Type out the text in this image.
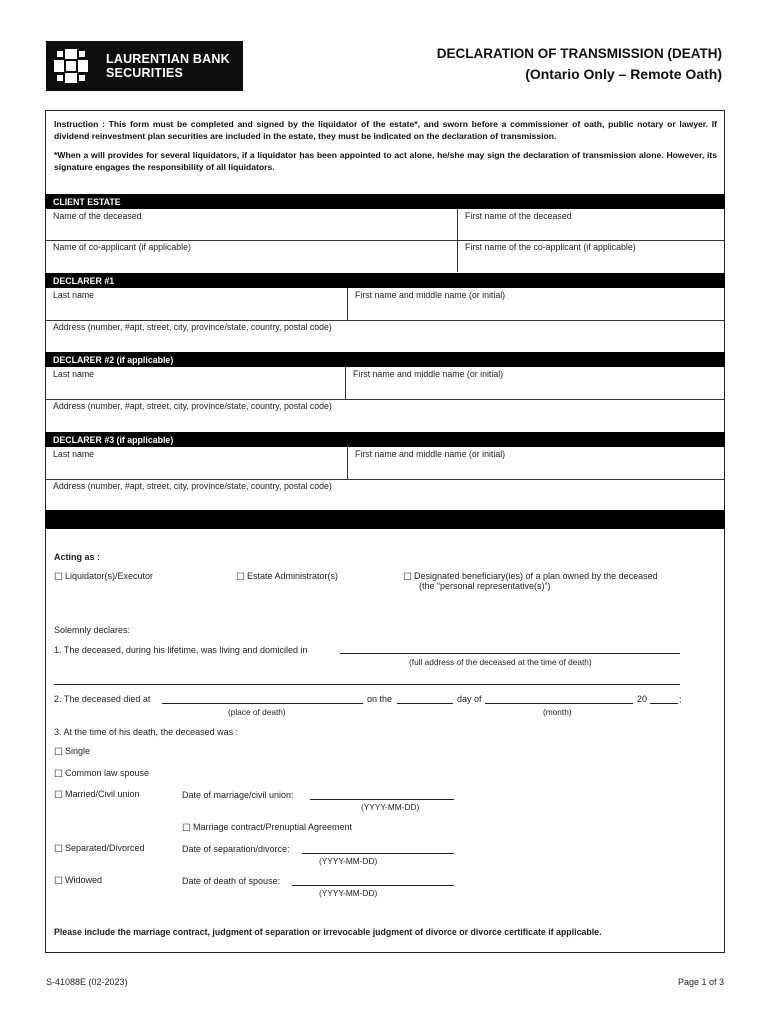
LAURENTIAN BANK
SECURITIES
DECLARATION OF TRANSMISSION (DEATH)
(Ontario Only – Remote Oath)

Instruction : This form must be completed and signed by the liquidator of the estate*, and sworn before a commissioner of oath, public notary or lawyer. If dividend reinvestment plan securities are included in the estate, they must be indicated on the declaration of transmission.

*When a will provides for several liquidators, if a liquidator has been appointed to act alone, he/she may sign the declaration of transmission alone. However, its signature engages the responsibility of all liquidators.

CLIENT ESTATE
Name of the deceased	First name of the deceased
Name of co-applicant (if applicable)	First name of the co-applicant (if applicable)
DECLARER #1
Last name	First name and middle name (or initial)
Address (number, #apt, street, city, province/state, country, postal code)
DECLARER #2 (if applicable)
Last name	First name and middle name (or initial)
Address (number, #apt, street, city, province/state, country, postal code)
DECLARER #3 (if applicable)
Last name	First name and middle name (or initial)
Address (number, #apt, street, city, province/state, country, postal code)
Acting as :
☐ Liquidator(s)/Executor	☐ Estate Administrator(s)	☐ Designated beneficiary(ies) of a plan owned by the deceased
(the “personal representative(s)”)
Solemnly declares:
1. The deceased, during his lifetime, was living and domiciled in
(full address of the deceased at the time of death)
2. The deceased died at	on the	day of	20	;
(place of death)	(month)
3. At the time of his death, the deceased was :
☐ Single
☐ Common law spouse
☐ Married/Civil union	Date of marriage/civil union:
(YYYY-MM-DD)
☐ Marriage contract/Prenuptial Agreement
☐ Separated/Divorced	Date of separation/divorce:
(YYYY-MM-DD)
☐ Widowed	Date of death of spouse:
(YYYY-MM-DD)
Please include the marriage contract, judgment of separation or irrevocable judgment of divorce or divorce certificate if applicable.
S-41088E (02-2023)	Page 1 of 3
